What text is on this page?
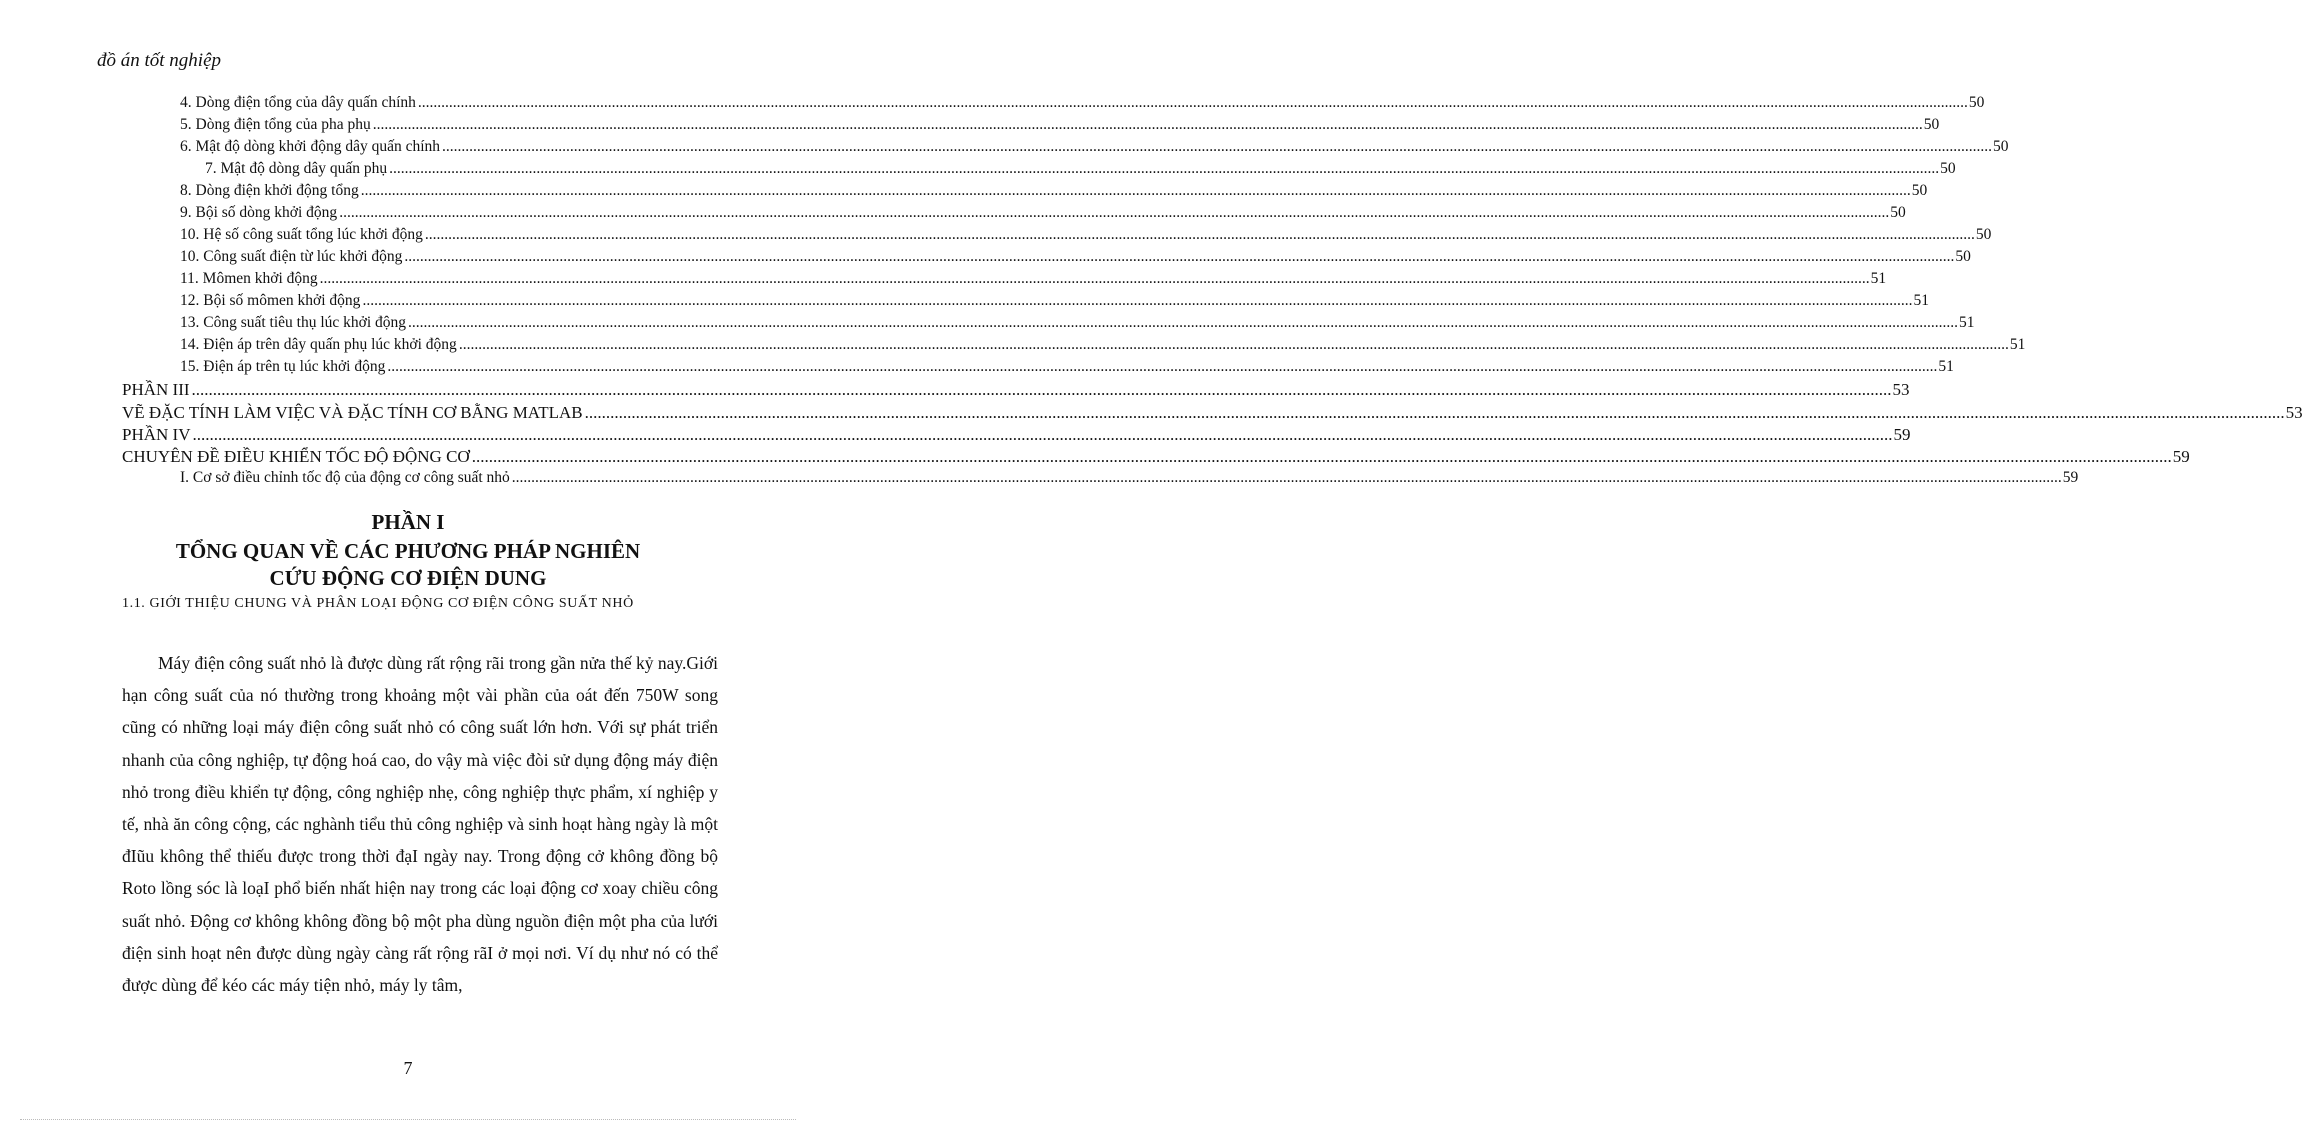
đồ án tốt nghiệp
4. Dòng điện tổng của dây quấn chính ................................................................................................................................................................................................................................................................................................................................................................................................................ 50
5. Dòng điện tổng của pha phụ ................................................................................................................................................................................................................................................................................................................................................................................................................ 50
6. Mật độ dòng khởi động dây quấn chính ................................................................................................................................................................................................................................................................................................................................................................................................................ 50
7. Mật độ dòng dây quấn phụ ................................................................................................................................................................................................................................................................................................................................................................................................................ 50
8. Dòng điện khởi động tổng ................................................................................................................................................................................................................................................................................................................................................................................................................ 50
9. Bội số dòng khởi động ................................................................................................................................................................................................................................................................................................................................................................................................................ 50
10. Hệ số công suất tổng lúc khởi động ................................................................................................................................................................................................................................................................................................................................................................................................................ 50
10. Công suất điện từ lúc khởi động ................................................................................................................................................................................................................................................................................................................................................................................................................ 50
11. Mômen khởi động ................................................................................................................................................................................................................................................................................................................................................................................................................ 51
12. Bội số mômen khởi động ................................................................................................................................................................................................................................................................................................................................................................................................................ 51
13. Công suất tiêu thụ lúc khởi động ................................................................................................................................................................................................................................................................................................................................................................................................................ 51
14. Điện áp trên dây quấn phụ lúc khởi động ................................................................................................................................................................................................................................................................................................................................................................................................................ 51
15. Điện áp trên tụ lúc khởi động ................................................................................................................................................................................................................................................................................................................................................................................................................ 51
PHẦN III ................................................................................................................................................................................................................................................................................................................................................................................................................ 53
VẼ ĐẶC TÍNH LÀM VIỆC VÀ ĐẶC TÍNH CƠ BẰNG MATLAB ................................................................................................................................................................................................................................................................................................................................................................................................................ 53
PHẦN IV ................................................................................................................................................................................................................................................................................................................................................................................................................ 59
CHUYÊN ĐỀ ĐIỀU KHIỂN TỐC ĐỘ ĐỘNG CƠ ................................................................................................................................................................................................................................................................................................................................................................................................................ 59
I. Cơ sở điều chỉnh tốc độ của động cơ công suất nhỏ ................................................................................................................................................................................................................................................................................................................................................................................................................ 59
PHẦN I
TỔNG QUAN VỀ CÁC PHƯƠNG PHÁP NGHIÊN
CỨU ĐỘNG CƠ ĐIỆN DUNG
1.1. GIỚI THIỆU CHUNG VÀ PHÂN LOẠI ĐỘNG CƠ ĐIỆN CÔNG SUẤT NHỎ

Máy điện công suất nhỏ là được dùng rất rộng rãi trong gần nửa thế kỷ nay.Giới hạn công suất của nó thường trong khoảng một vài phần của oát đến 750W song cũng có những loại máy điện công suất nhỏ có công suất lớn hơn. Với sự phát triển nhanh của công nghiệp, tự động hoá cao, do vậy mà việc đòi sử dụng động máy điện nhỏ trong điều khiển tự động, công nghiệp nhẹ, công nghiệp thực phẩm, xí nghiệp y tế, nhà ăn công cộng, các nghành tiểu thủ công nghiệp và sinh hoạt hàng ngày là một đIũu không thể thiếu được trong thời đạI ngày nay. Trong động cở không đồng bộ Roto lồng sóc là loạI phổ biến nhất hiện nay trong các loại động cơ xoay chiều công suất nhỏ. Động cơ không không đồng bộ một pha dùng nguồn điện một pha của lưới điện sinh hoạt nên được dùng ngày càng rất rộng rãI ở mọi nơi. Ví dụ như nó có thể được dùng để kéo các máy tiện nhỏ, máy ly tâm,

7
